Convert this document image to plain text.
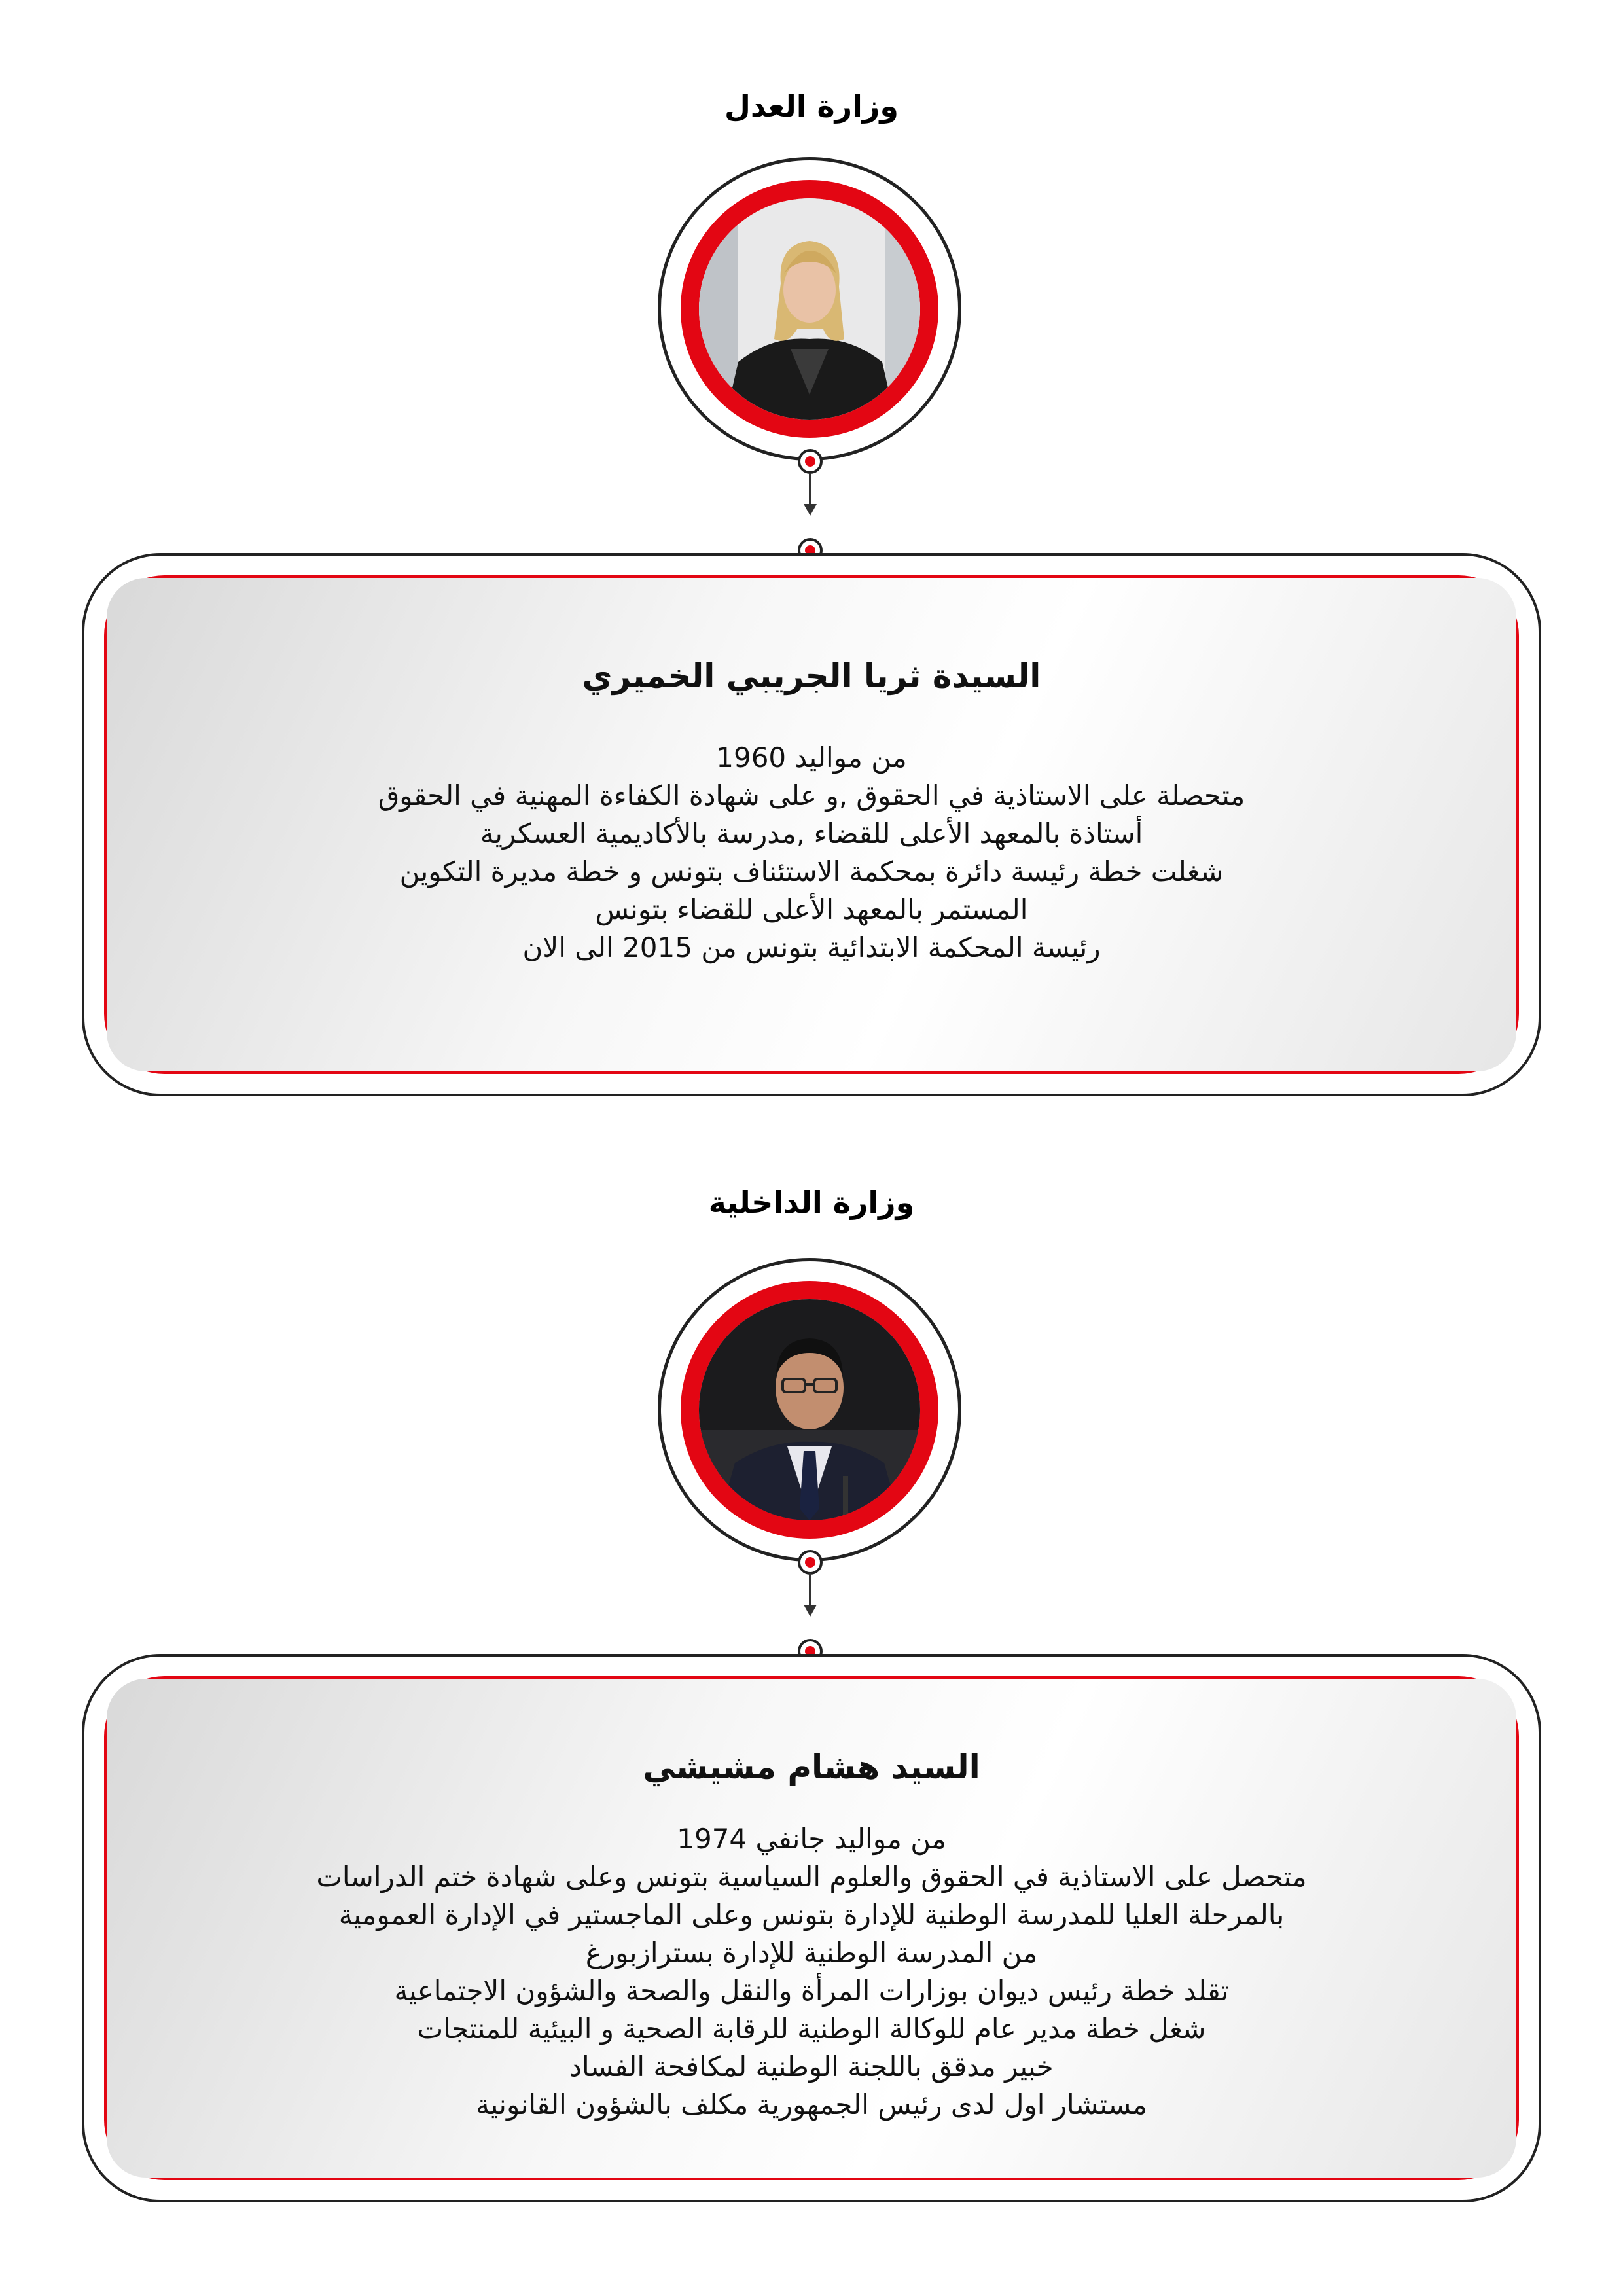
وزارة العدل
السيدة ثريا الجريبي الخميري
من مواليد 1960
متحصلة على الاستاذية في الحقوق ,و على شهادة الكفاءة المهنية في الحقوق
أستاذة بالمعهد الأعلى للقضاء ,مدرسة بالأكاديمية العسكرية
شغلت خطة رئيسة دائرة بمحكمة الاستئناف بتونس و خطة مديرة التكوين
المستمر بالمعهد الأعلى للقضاء بتونس
رئيسة المحكمة الابتدائية بتونس من 2015 الى الان
وزارة الداخلية
السيد هشام مشيشي
من مواليد جانفي 1974
متحصل على الاستاذية في الحقوق والعلوم السياسية بتونس وعلى شهادة ختم الدراسات
بالمرحلة العليا للمدرسة الوطنية للإدارة بتونس وعلى الماجستير في الإدارة العمومية
من المدرسة الوطنية للإدارة بسترازبورغ
تقلد خطة رئيس ديوان بوزارات المرأة والنقل والصحة والشؤون الاجتماعية
شغل خطة مدير عام للوكالة الوطنية للرقابة الصحية و البيئية للمنتجات
خبير مدقق باللجنة الوطنية لمكافحة الفساد
مستشار اول لدى رئيس الجمهورية مكلف بالشؤون القانونية
